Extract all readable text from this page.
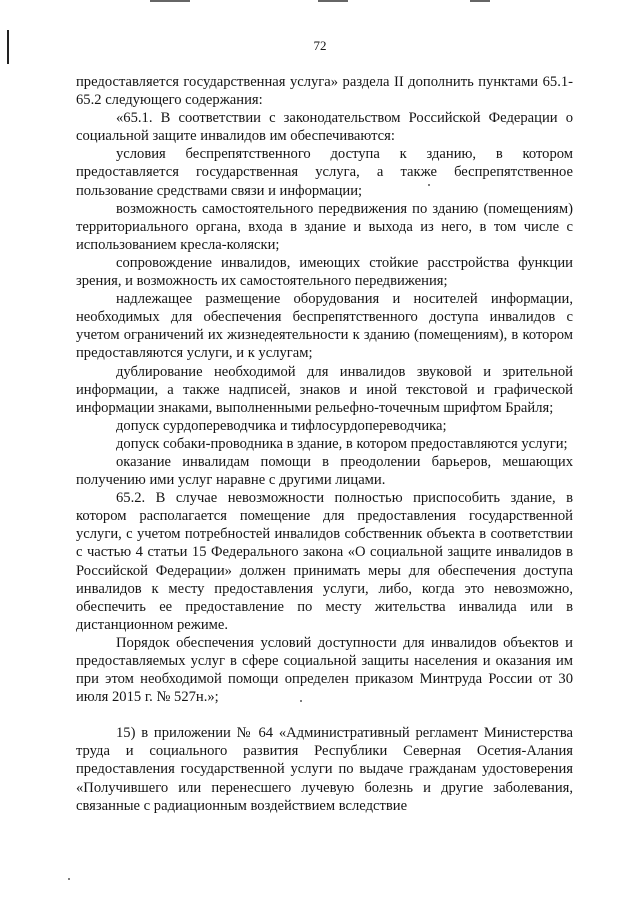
72

предоставляется государственная услуга» раздела II дополнить пунктами 65.1-65.2 следующего содержания:

«65.1. В соответствии с законодательством Российской Федерации о социальной защите инвалидов им обеспечиваются:

условия беспрепятственного доступа к зданию, в котором предоставляется государственная услуга, а также беспрепятственное пользование средствами связи и информации;

возможность самостоятельного передвижения по зданию (помещениям) территориального органа, входа в здание и выхода из него, в том числе с использованием кресла-коляски;

сопровождение инвалидов, имеющих стойкие расстройства функции зрения, и возможность их самостоятельного передвижения;

надлежащее размещение оборудования и носителей информации, необходимых для обеспечения беспрепятственного доступа инвалидов с учетом ограничений их жизнедеятельности к зданию (помещениям), в котором предоставляются услуги, и к услугам;

дублирование необходимой для инвалидов звуковой и зрительной информации, а также надписей, знаков и иной текстовой и графической информации знаками, выполненными рельефно-точечным шрифтом Брайля;

допуск сурдопереводчика и тифлосурдопереводчика;

допуск собаки-проводника в здание, в котором предоставляются услуги;

оказание инвалидам помощи в преодолении барьеров, мешающих получению ими услуг наравне с другими лицами.

65.2. В случае невозможности полностью приспособить здание, в котором располагается помещение для предоставления государственной услуги, с учетом потребностей инвалидов собственник объекта в соответствии с частью 4 статьи 15 Федерального закона «О социальной защите инвалидов в Российской Федерации» должен принимать меры для обеспечения доступа инвалидов к месту предоставления услуги, либо, когда это невозможно, обеспечить ее предоставление по месту жительства инвалида или в дистанционном режиме.

Порядок обеспечения условий доступности для инвалидов объектов и предоставляемых услуг в сфере социальной защиты населения и оказания им при этом необходимой помощи определен приказом Минтруда России от 30 июля 2015 г. № 527н.»;

15) в приложении № 64 «Административный регламент Министерства труда и социального развития Республики Северная Осетия-Алания предоставления государственной услуги по выдаче гражданам удостоверения «Получившего или перенесшего лучевую болезнь и другие заболевания, связанные с радиационным воздействием вследствие
